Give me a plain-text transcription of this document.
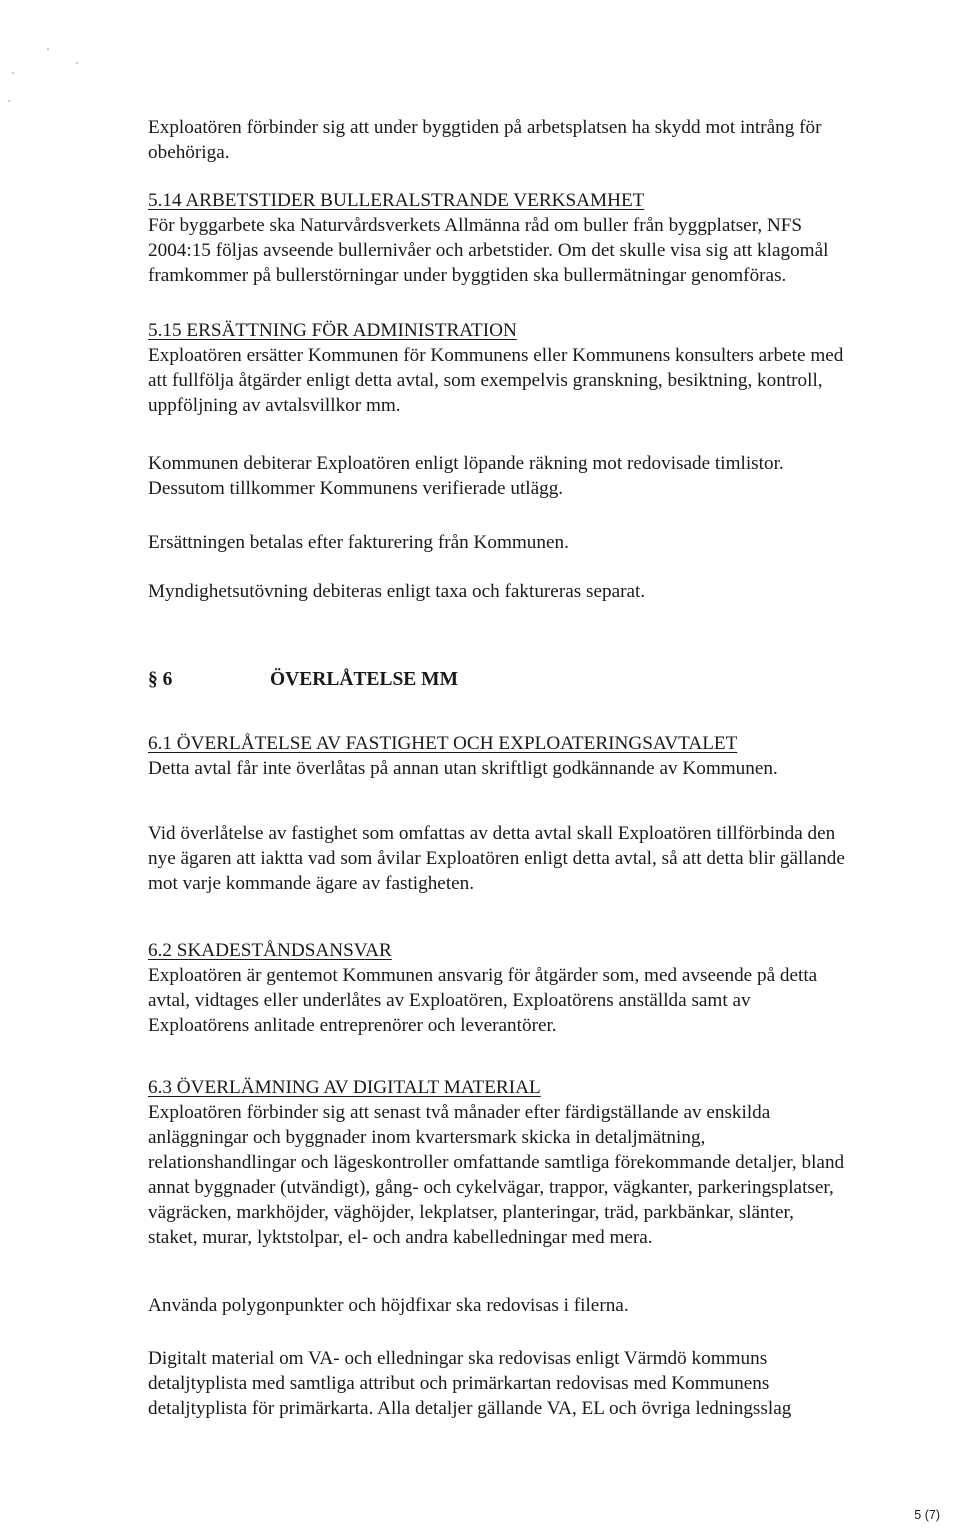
Exploatören förbinder sig att under byggtiden på arbetsplatsen ha skydd mot intrång för
obehöriga.
5.14 ARBETSTIDER BULLERALSTRANDE VERKSAMHET
För byggarbete ska Naturvårdsverkets Allmänna råd om buller från byggplatser, NFS
2004:15 följas avseende bullernivåer och arbetstider. Om det skulle visa sig att klagomål
framkommer på bullerstörningar under byggtiden ska bullermätningar genomföras.
5.15 ERSÄTTNING FÖR ADMINISTRATION
Exploatören ersätter Kommunen för Kommunens eller Kommunens konsulters arbete med
att fullfölja åtgärder enligt detta avtal, som exempelvis granskning, besiktning, kontroll,
uppföljning av avtalsvillkor mm.
Kommunen debiterar Exploatören enligt löpande räkning mot redovisade timlistor.
Dessutom tillkommer Kommunens verifierade utlägg.
Ersättningen betalas efter fakturering från Kommunen.
Myndighetsutövning debiteras enligt taxa och faktureras separat.
§ 6	ÖVERLÅTELSE MM
6.1 ÖVERLÅTELSE AV FASTIGHET OCH EXPLOATERINGSAVTALET
Detta avtal får inte överlåtas på annan utan skriftligt godkännande av Kommunen.
Vid överlåtelse av fastighet som omfattas av detta avtal skall Exploatören tillförbinda den
nye ägaren att iaktta vad som åvilar Exploatören enligt detta avtal, så att detta blir gällande
mot varje kommande ägare av fastigheten.
6.2 SKADESTÅNDSANSVAR
Exploatören är gentemot Kommunen ansvarig för åtgärder som, med avseende på detta
avtal, vidtages eller underlåtes av Exploatören, Exploatörens anställda samt av
Exploatörens anlitade entreprenörer och leverantörer.
6.3 ÖVERLÄMNING AV DIGITALT MATERIAL
Exploatören förbinder sig att senast två månader efter färdigställande av enskilda
anläggningar och byggnader inom kvartersmark skicka in detaljmätning,
relationshandlingar och lägeskontroller omfattande samtliga förekommande detaljer, bland
annat byggnader (utvändigt), gång- och cykelvägar, trappor, vägkanter, parkeringsplatser,
vägräcken, markhöjder, väghöjder, lekplatser, planteringar, träd, parkbänkar, slänter,
staket, murar, lyktstolpar, el- och andra kabelledningar med mera.
Använda polygonpunkter och höjdfixar ska redovisas i filerna.
Digitalt material om VA- och elledningar ska redovisas enligt Värmdö kommuns
detaljtyplista med samtliga attribut och primärkartan redovisas med Kommunens
detaljtyplista för primärkarta. Alla detaljer gällande VA, EL och övriga ledningsslag
5 (7)
